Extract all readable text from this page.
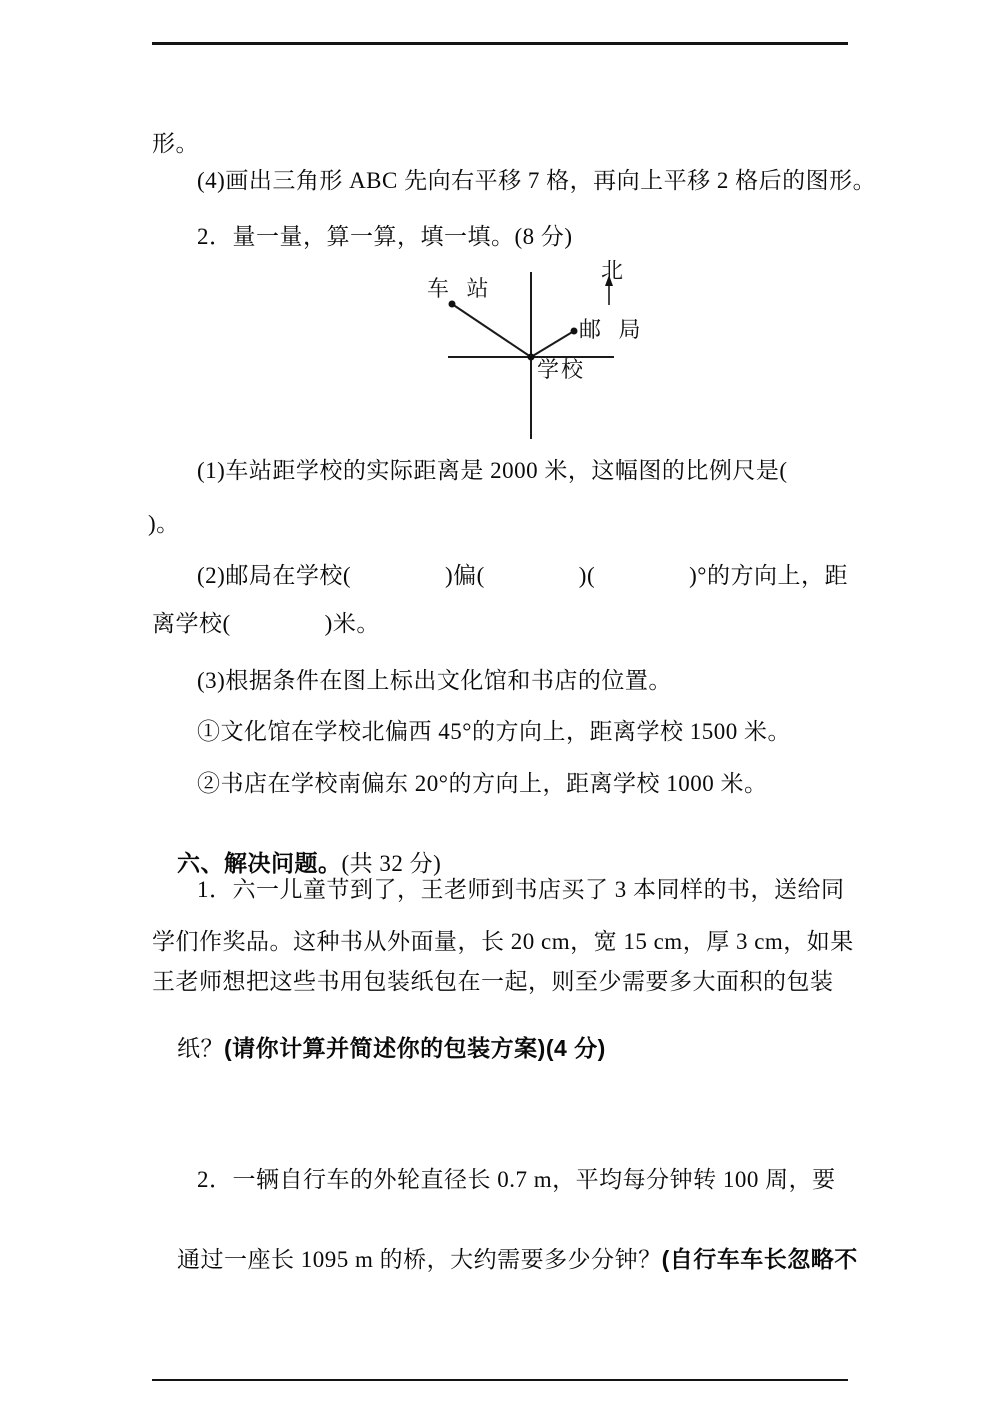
形。
(4)画出三角形 ABC 先向右平移 7 格，再向上平移 2 格后的图形。
2．量一量，算一算，填一填。(8 分)
北
车 站
邮 局
学校
(1)车站距学校的实际距离是 2000 米，这幅图的比例尺是(
)。
(2)邮局在学校(　　　　)偏(　　　　)(　　　　)°的方向上，距
离学校(　　　　)米。
(3)根据条件在图上标出文化馆和书店的位置。
①文化馆在学校北偏西 45°的方向上，距离学校 1500 米。
②书店在学校南偏东 20°的方向上，距离学校 1000 米。

六、解决问题。(共 32 分)

1．六一儿童节到了，王老师到书店买了 3 本同样的书，送给同
学们作奖品。这种书从外面量，长 20 cm，宽 15 cm，厚 3 cm，如果
王老师想把这些书用包装纸包在一起，则至少需要多大面积的包装

纸？(请你计算并简述你的包装方案)(4 分)

2．一辆自行车的外轮直径长 0.7 m，平均每分钟转 100 周，要

通过一座长 1095 m 的桥，大约需要多少分钟？(自行车车长忽略不
